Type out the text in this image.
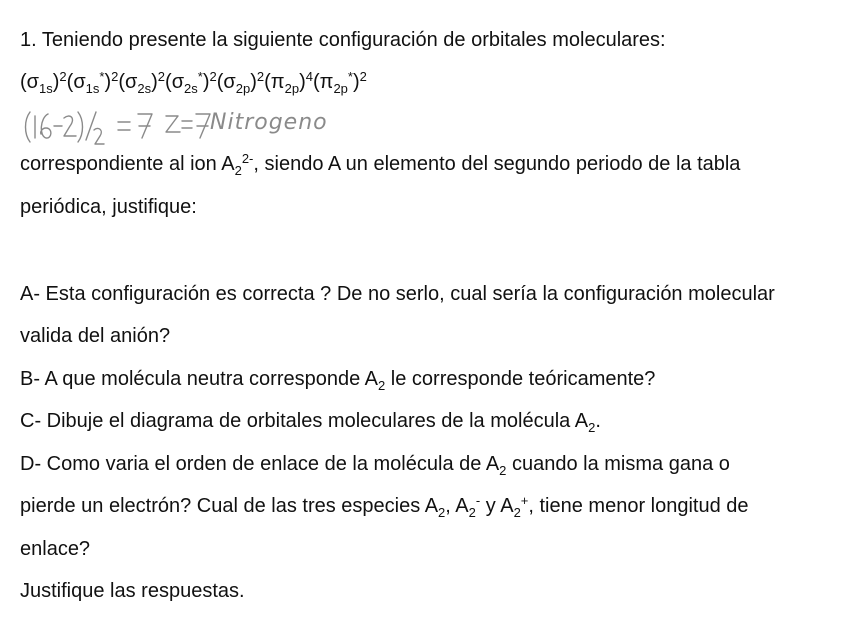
1. Teniendo presente la siguiente configuración de orbitales moleculares:
$(\sigma_{1s})^2(\sigma_{1s}^*)^2(\sigma_{2s})^2(\sigma_{2s}^*)^2(\sigma_{2p})^2(\pi_{2p})^4(\pi_{2p}^*)^2$
Nitrogeno
correspondiente al ion $A_2^{2-}$, siendo A un elemento del segundo periodo de la tabla
periódica, justifique:
A- Esta configuración es correcta ? De no serlo, cual sería la configuración molecular
valida del anión?
B- A que molécula neutra corresponde $A_2$ le corresponde teóricamente?
C- Dibuje el diagrama de orbitales moleculares de la molécula $A_2$.
D- Como varia el orden de enlace de la molécula de $A_2$ cuando la misma gana o
pierde un electrón? Cual de las tres especies $A_2$, $A_2^-$ y $A_2^+$, tiene menor longitud de
enlace?
Justifique las respuestas.
